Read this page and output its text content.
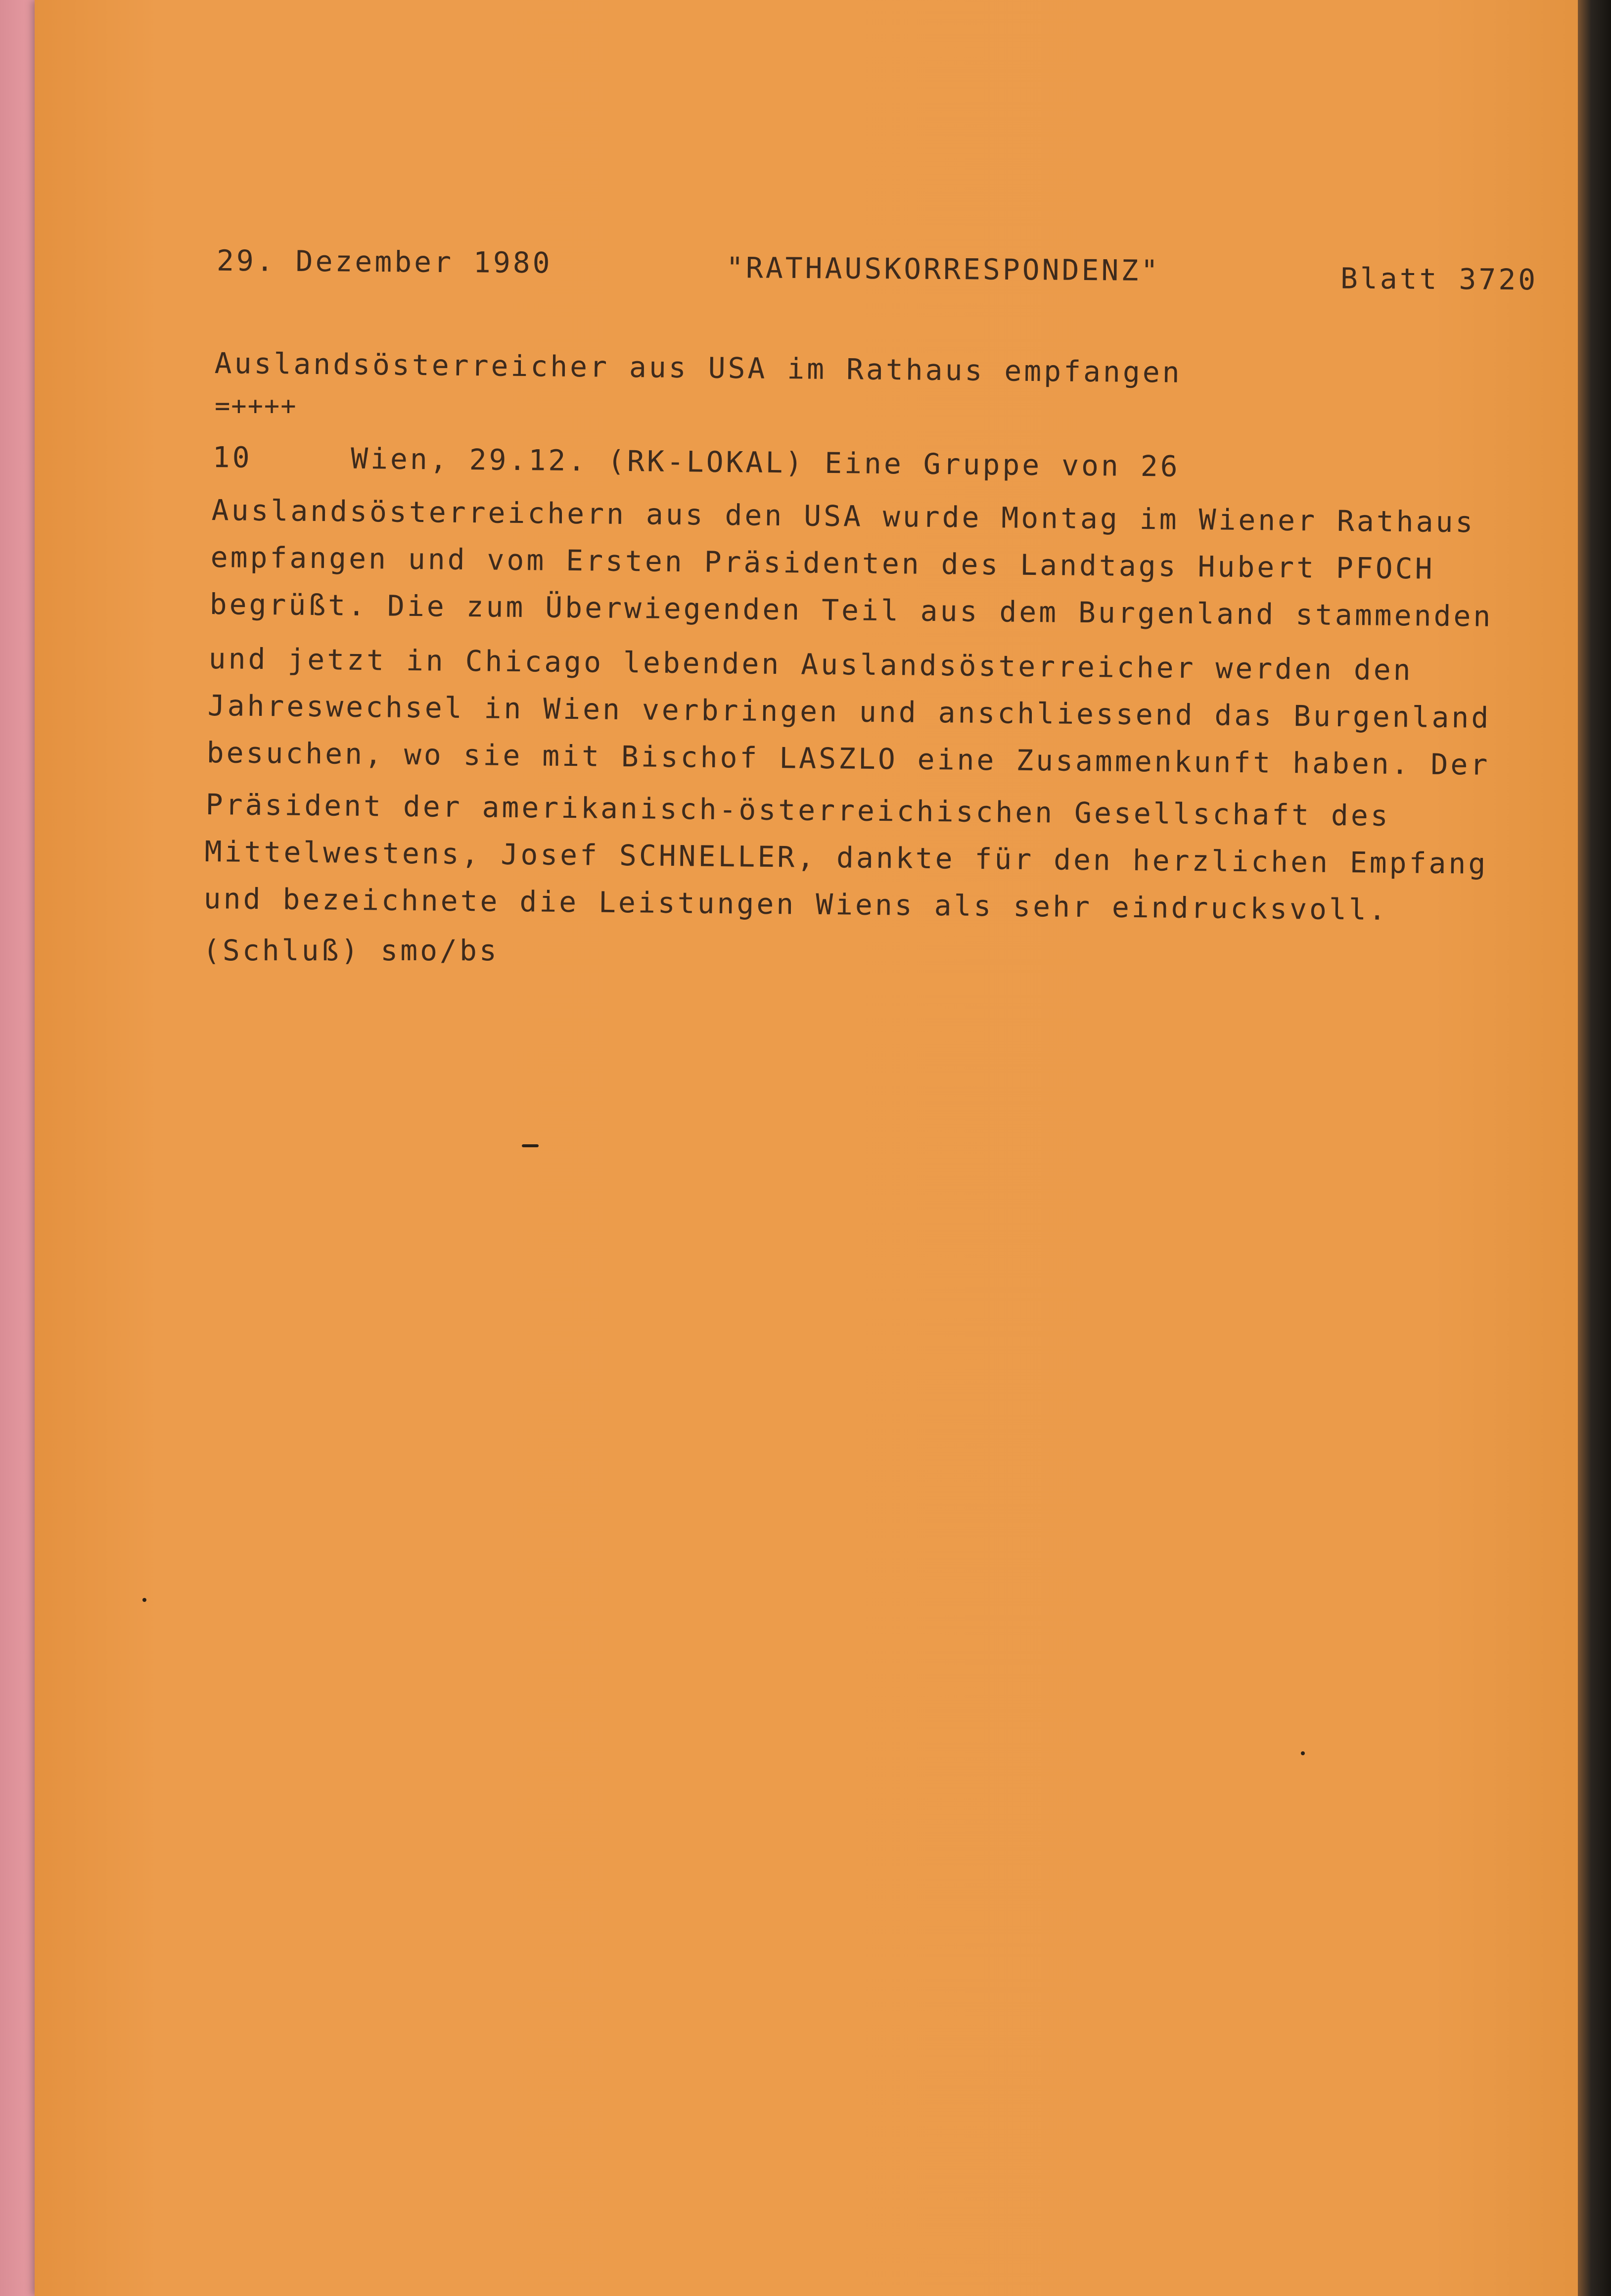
29. Dezember 1980	"RATHAUSKORRESPONDENZ"	Blatt 3720
Auslandsösterreicher aus USA im Rathaus empfangen
=++++
10     Wien, 29.12. (RK-LOKAL) Eine Gruppe von 26
Auslandsösterreichern aus den USA wurde Montag im Wiener Rathaus
empfangen und vom Ersten Präsidenten des Landtags Hubert PFOCH
begrüßt. Die zum Überwiegenden Teil aus dem Burgenland stammenden
und jetzt in Chicago lebenden Auslandsösterreicher werden den
Jahreswechsel in Wien verbringen und anschliessend das Burgenland
besuchen, wo sie mit Bischof LASZLO eine Zusammenkunft haben. Der
Präsident der amerikanisch-österreichischen Gesellschaft des
Mittelwestens, Josef SCHNELLER, dankte für den herzlichen Empfang
und bezeichnete die Leistungen Wiens als sehr eindrucksvoll.
(Schluß) smo/bs
